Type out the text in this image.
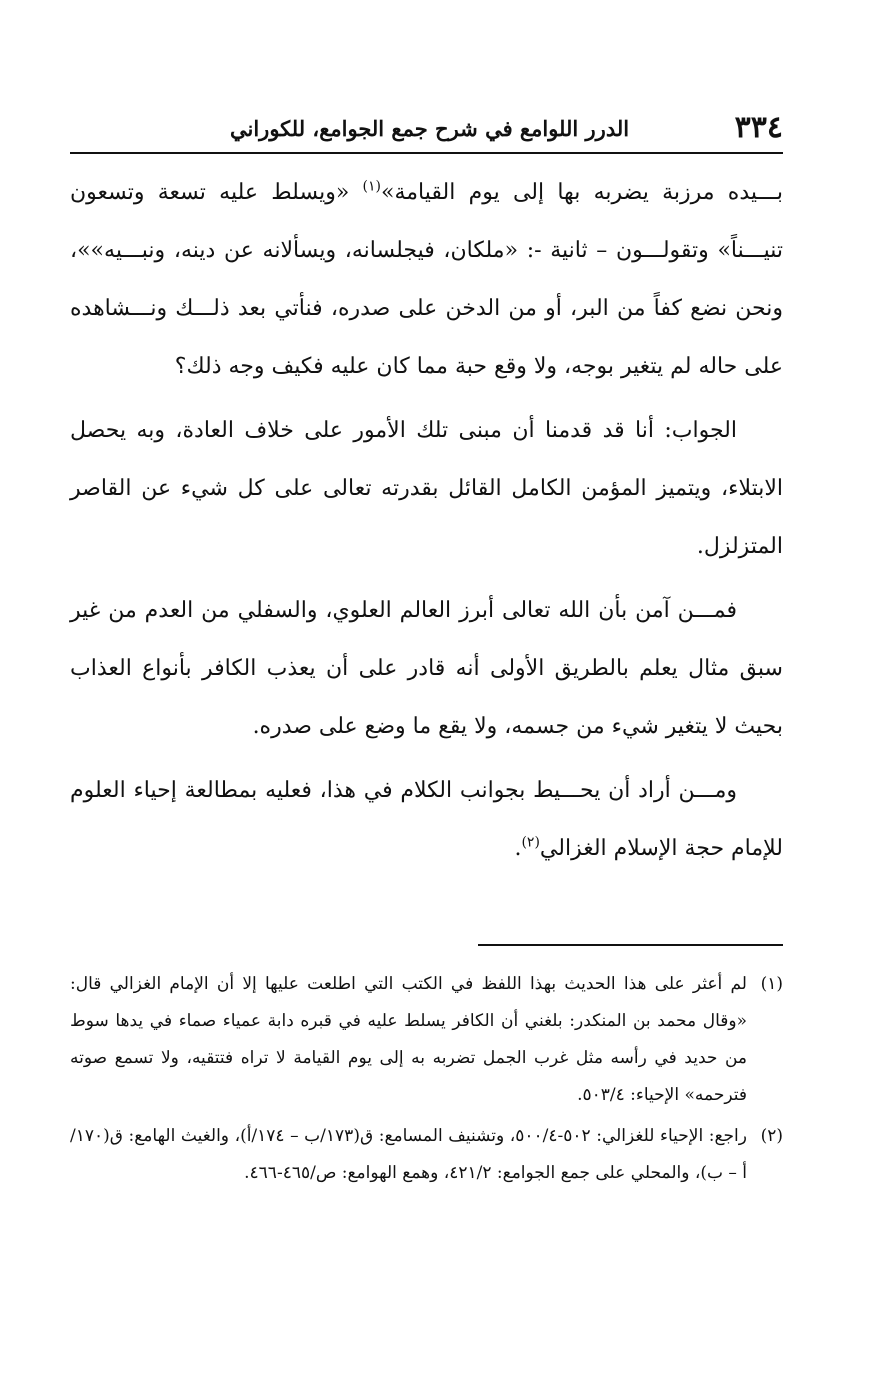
٣٣٤
الدرر اللوامع في شرح جمع الجوامع، للكوراني

بـــيده مرزبة يضربه بها إلى يوم القيامة»$^{(١)}$ «ويسلط عليه تسعة وتسعون تنيـــناً» وتقولـــون – ثانية -: «ملكان، فيجلسانه، ويسألانه عن دينه، ونبـــيه»»، ونحن نضع كفاً من البر، أو من الدخن على صدره، فنأتي بعد ذلـــك ونـــشاهده على حاله لم يتغير بوجه، ولا وقع حبة مما كان عليه فكيف وجه ذلك؟

الجواب: أنا قد قدمنا أن مبنى تلك الأمور على خلاف العادة، وبه يحصل الابتلاء، ويتميز المؤمن الكامل القائل بقدرته تعالى على كل شيء عن القاصر المتزلزل.

فمـــن آمن بأن الله تعالى أبرز العالم العلوي، والسفلي من العدم من غير سبق مثال يعلم بالطريق الأولى أنه قادر على أن يعذب الكافر بأنواع العذاب بحيث لا يتغير شيء من جسمه، ولا يقع ما وضع على صدره.

ومـــن أراد أن يحـــيط بجوانب الكلام في هذا، فعليه بمطالعة إحياء العلوم للإمام حجة الإسلام الغزالي$^{(٢)}$.

(١)
لم أعثر على هذا الحديث بهذا اللفظ في الكتب التي اطلعت عليها إلا أن الإمام الغزالي قال: «وقال محمد بن المنكدر: بلغني أن الكافر يسلط عليه في قبره دابة عمياء صماء في يدها سوط من حديد في رأسه مثل غرب الجمل تضربه به إلى يوم القيامة لا تراه فتتقيه، ولا تسمع صوته فترحمه» الإحياء: ٥٠٣/٤.

(٢)
راجع: الإحياء للغزالي: ٥٠٢-٥٠٠/٤، وتشنيف المسامع: ق(١٧٣/ب – ١٧٤/أ)، والغيث الهامع: ق(١٧٠/أ – ب)، والمحلي على جمع الجوامع: ٤٢١/٢، وهمع الهوامع: ص/٤٦٥-٤٦٦.
